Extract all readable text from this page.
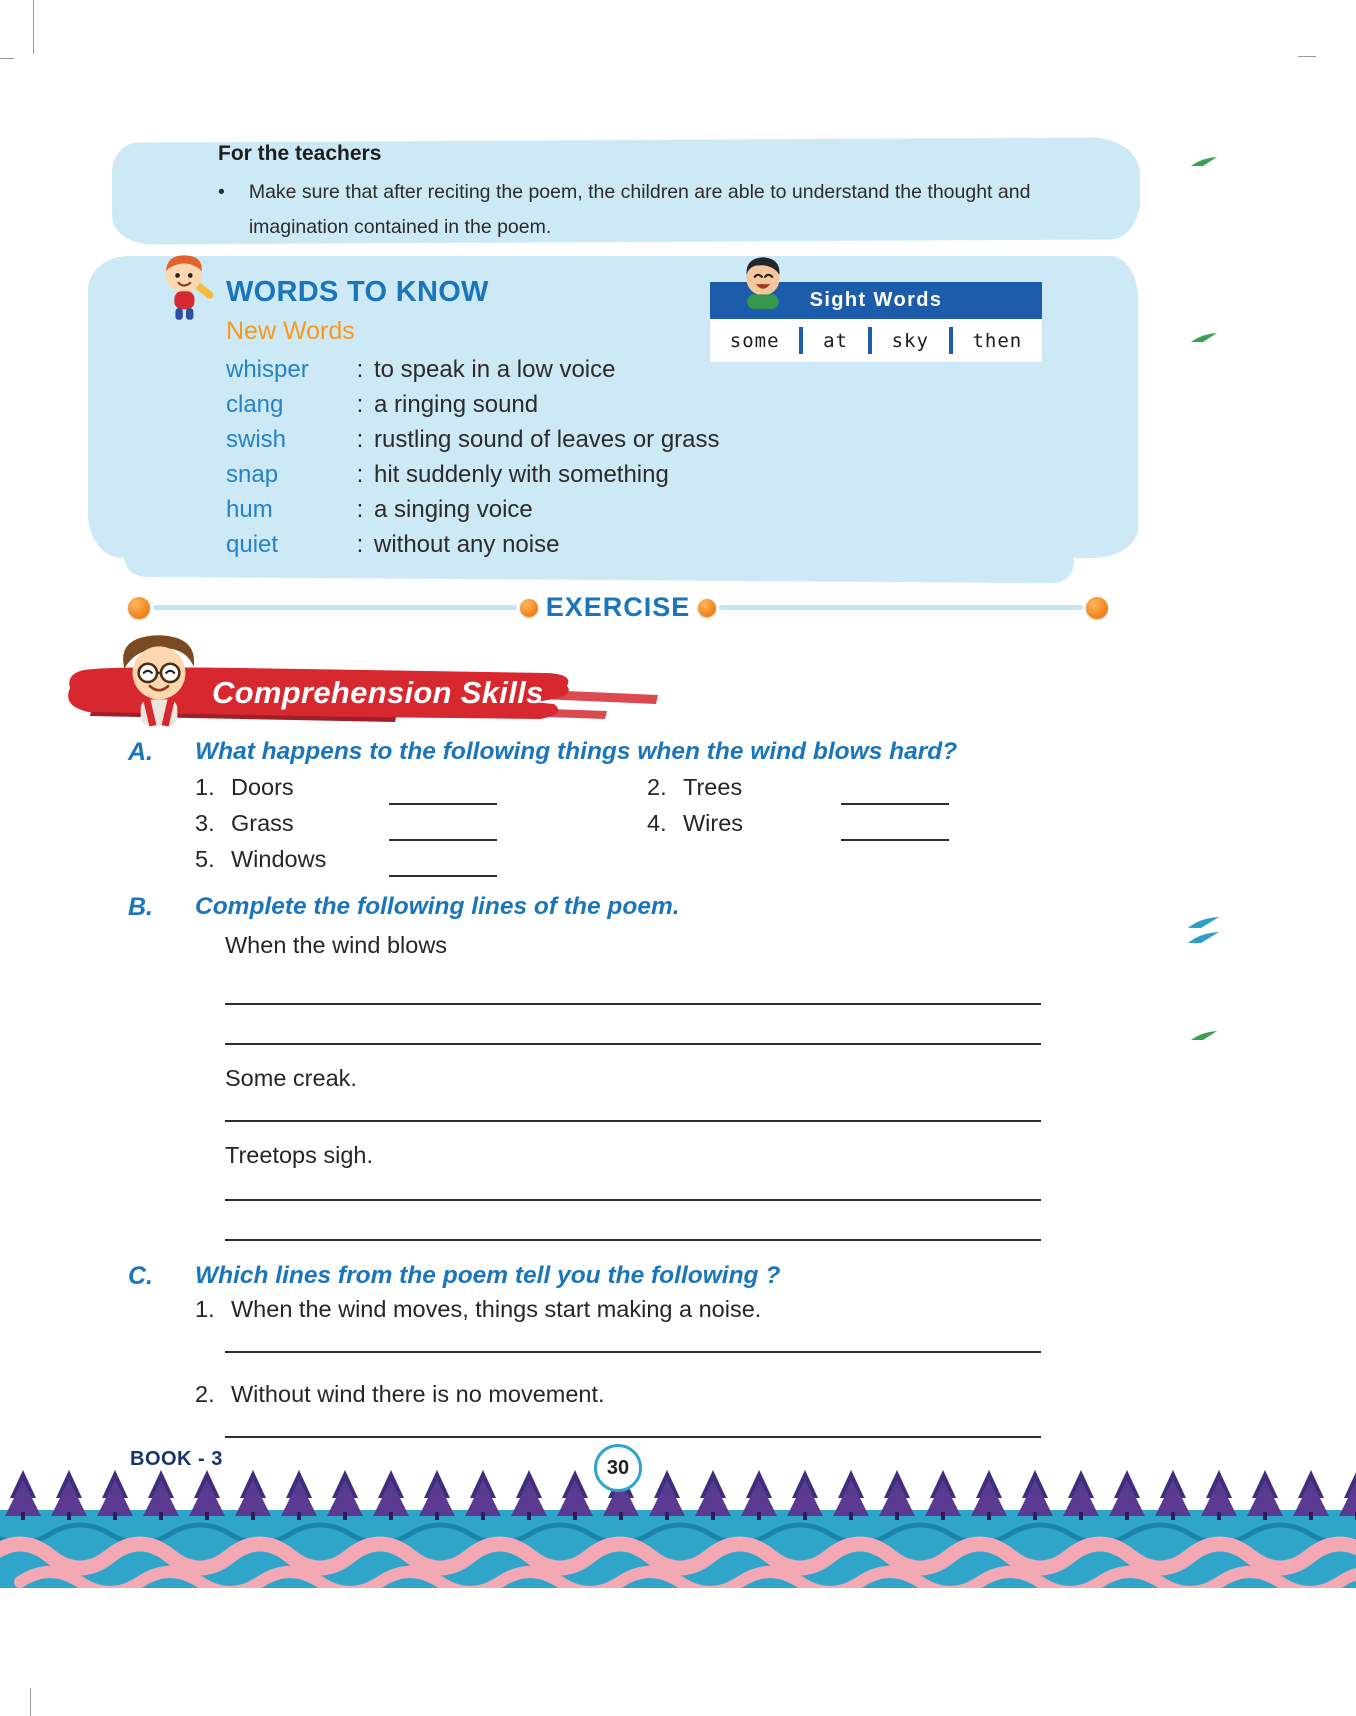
For the teachers
• Make sure that after reciting the poem, the children are able to understand the thought and imagination contained in the poem.
WORDS TO KNOW
New Words
whisper	: to speak in a low voice
clang	: a ringing sound
swish	: rustling sound of leaves or grass
snap	: hit suddenly with something
hum	: a singing voice
quiet	: without any noise
Sight Words
some at sky then
EXERCISE
Comprehension Skills
A.	What happens to the following things when the wind blows hard?
1. Doors	2. Trees
3. Grass	4. Wires
5. Windows
B.	Complete the following lines of the poem.

When the wind blows

Some creak.

Treetops sigh.

C.	Which lines from the poem tell you the following ?
1. When the wind moves, things start making a noise.
2. Without wind there is no movement.
BOOK - 3	30
